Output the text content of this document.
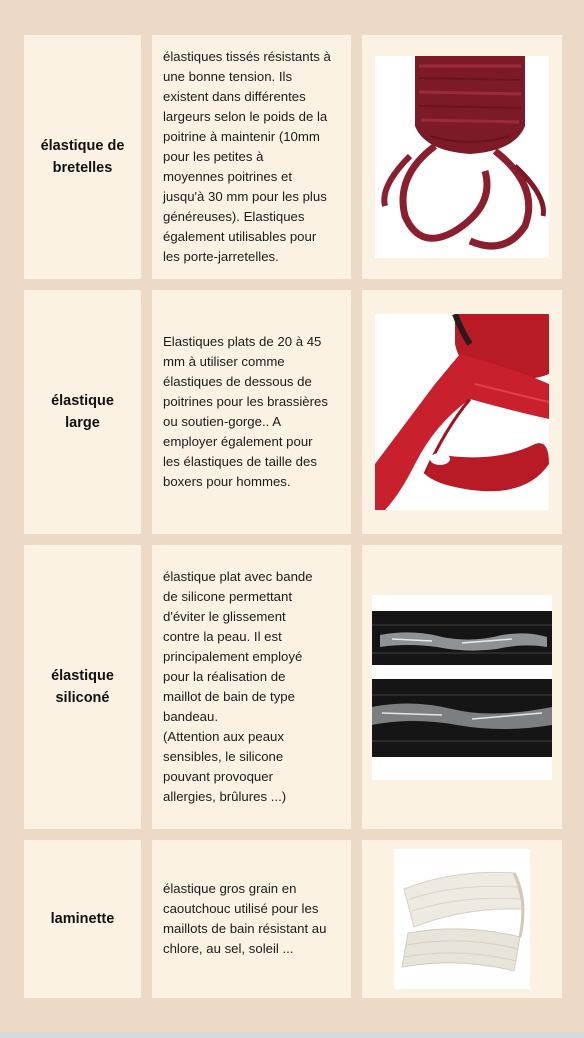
élastique de
bretelles
élastiques tissés résistants à
une bonne tension. Ils
existent dans différentes
largeurs selon le poids de la
poitrine à maintenir (10mm
pour les petites à
moyennes poitrines et
jusqu'à 30 mm pour les plus
généreuses). Elastiques
également utilisables pour
les porte-jarretelles.
élastique
large
Elastiques plats de 20 à 45
mm à utiliser comme
élastiques de dessous de
poitrines pour les brassières
ou soutien-gorge.. A
employer également pour
les élastiques de taille des
boxers pour hommes.
élastique
siliconé
élastique plat avec bande
de silicone permettant
d'éviter le glissement
contre la peau. Il est
principalement employé
pour la réalisation de
maillot de bain de type
bandeau.
(Attention aux peaux
sensibles, le silicone
pouvant provoquer
allergies, brûlures ...)
laminette
élastique gros grain en
caoutchouc utilisé pour les
maillots de bain résistant au
chlore, au sel, soleil ...
